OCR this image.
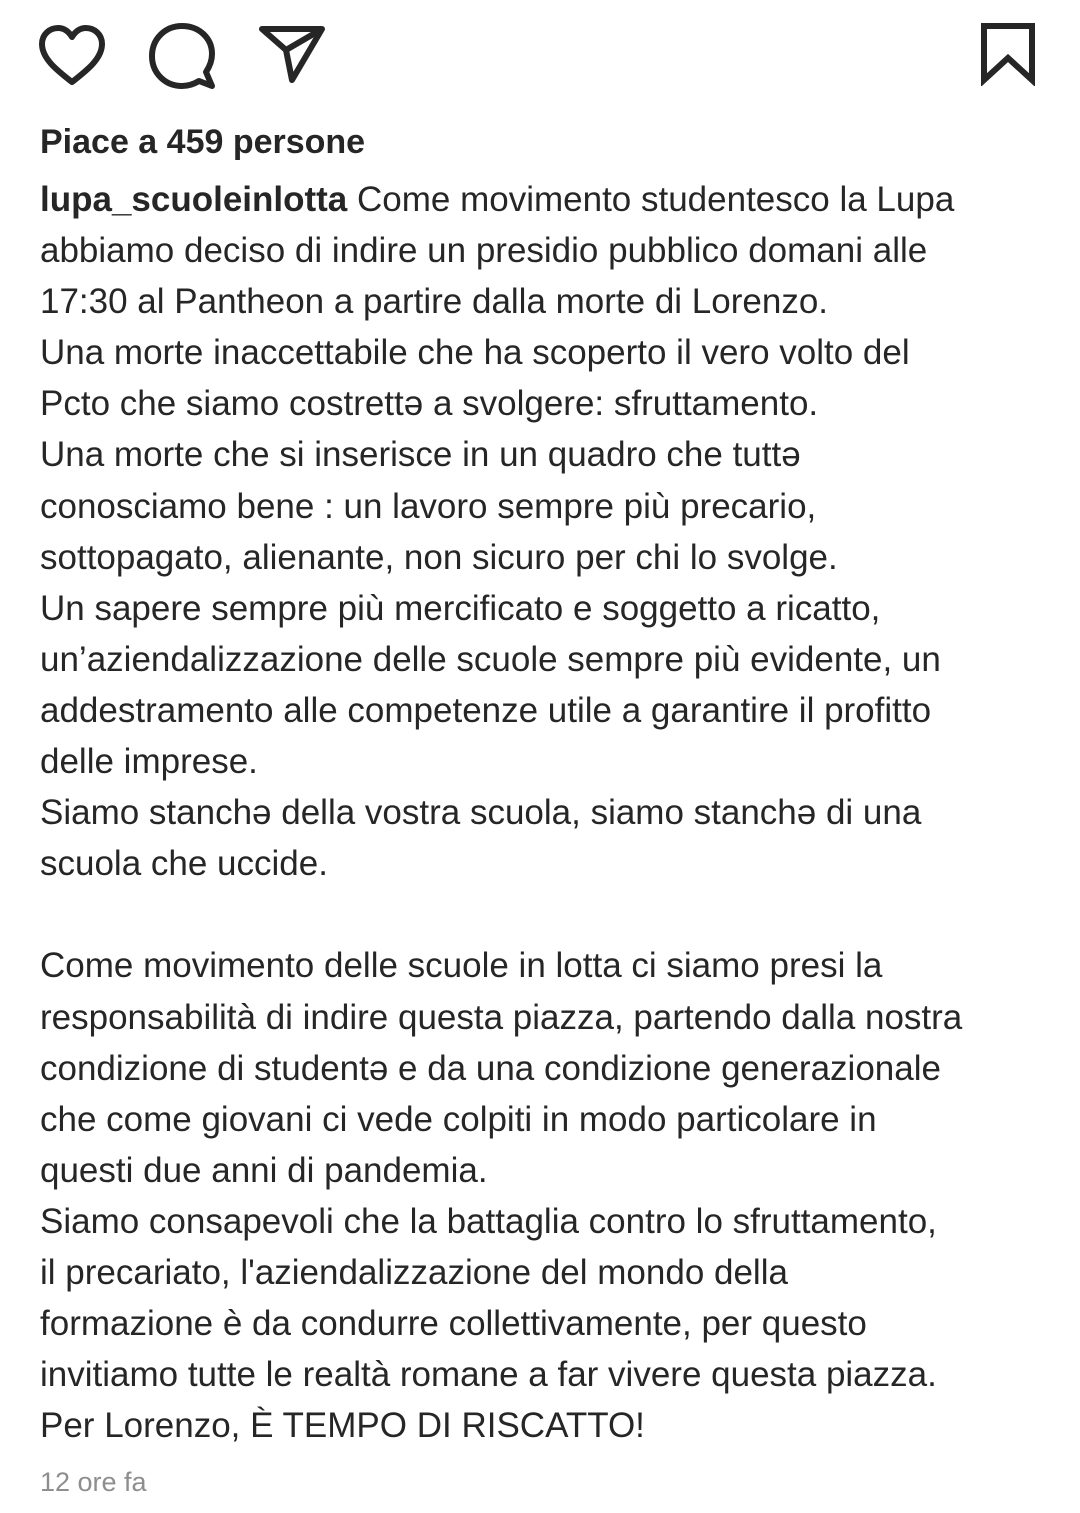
Piace a 459 persone

lupa_scuoleinlotta Come movimento studentesco la Lupa
abbiamo deciso di indire un presidio pubblico domani alle
17:30 al Pantheon a partire dalla morte di Lorenzo.
Una morte inaccettabile che ha scoperto il vero volto del
Pcto che siamo costrettə a svolgere: sfruttamento.
Una morte che si inserisce in un quadro che tuttə
conosciamo bene : un lavoro sempre più precario,
sottopagato, alienante, non sicuro per chi lo svolge.
Un sapere sempre più mercificato e soggetto a ricatto,
un’aziendalizzazione delle scuole sempre più evidente, un
addestramento alle competenze utile a garantire il profitto
delle imprese.
Siamo stanchə della vostra scuola, siamo stanchə di una
scuola che uccide.
Come movimento delle scuole in lotta ci siamo presi la
responsabilità di indire questa piazza, partendo dalla nostra
condizione di studentə e da una condizione generazionale
che come giovani ci vede colpiti in modo particolare in
questi due anni di pandemia.
Siamo consapevoli che la battaglia contro lo sfruttamento,
il precariato, l'aziendalizzazione del mondo della
formazione è da condurre collettivamente, per questo
invitiamo tutte le realtà romane a far vivere questa piazza.
Per Lorenzo, È TEMPO DI RISCATTO!

12 ore fa
